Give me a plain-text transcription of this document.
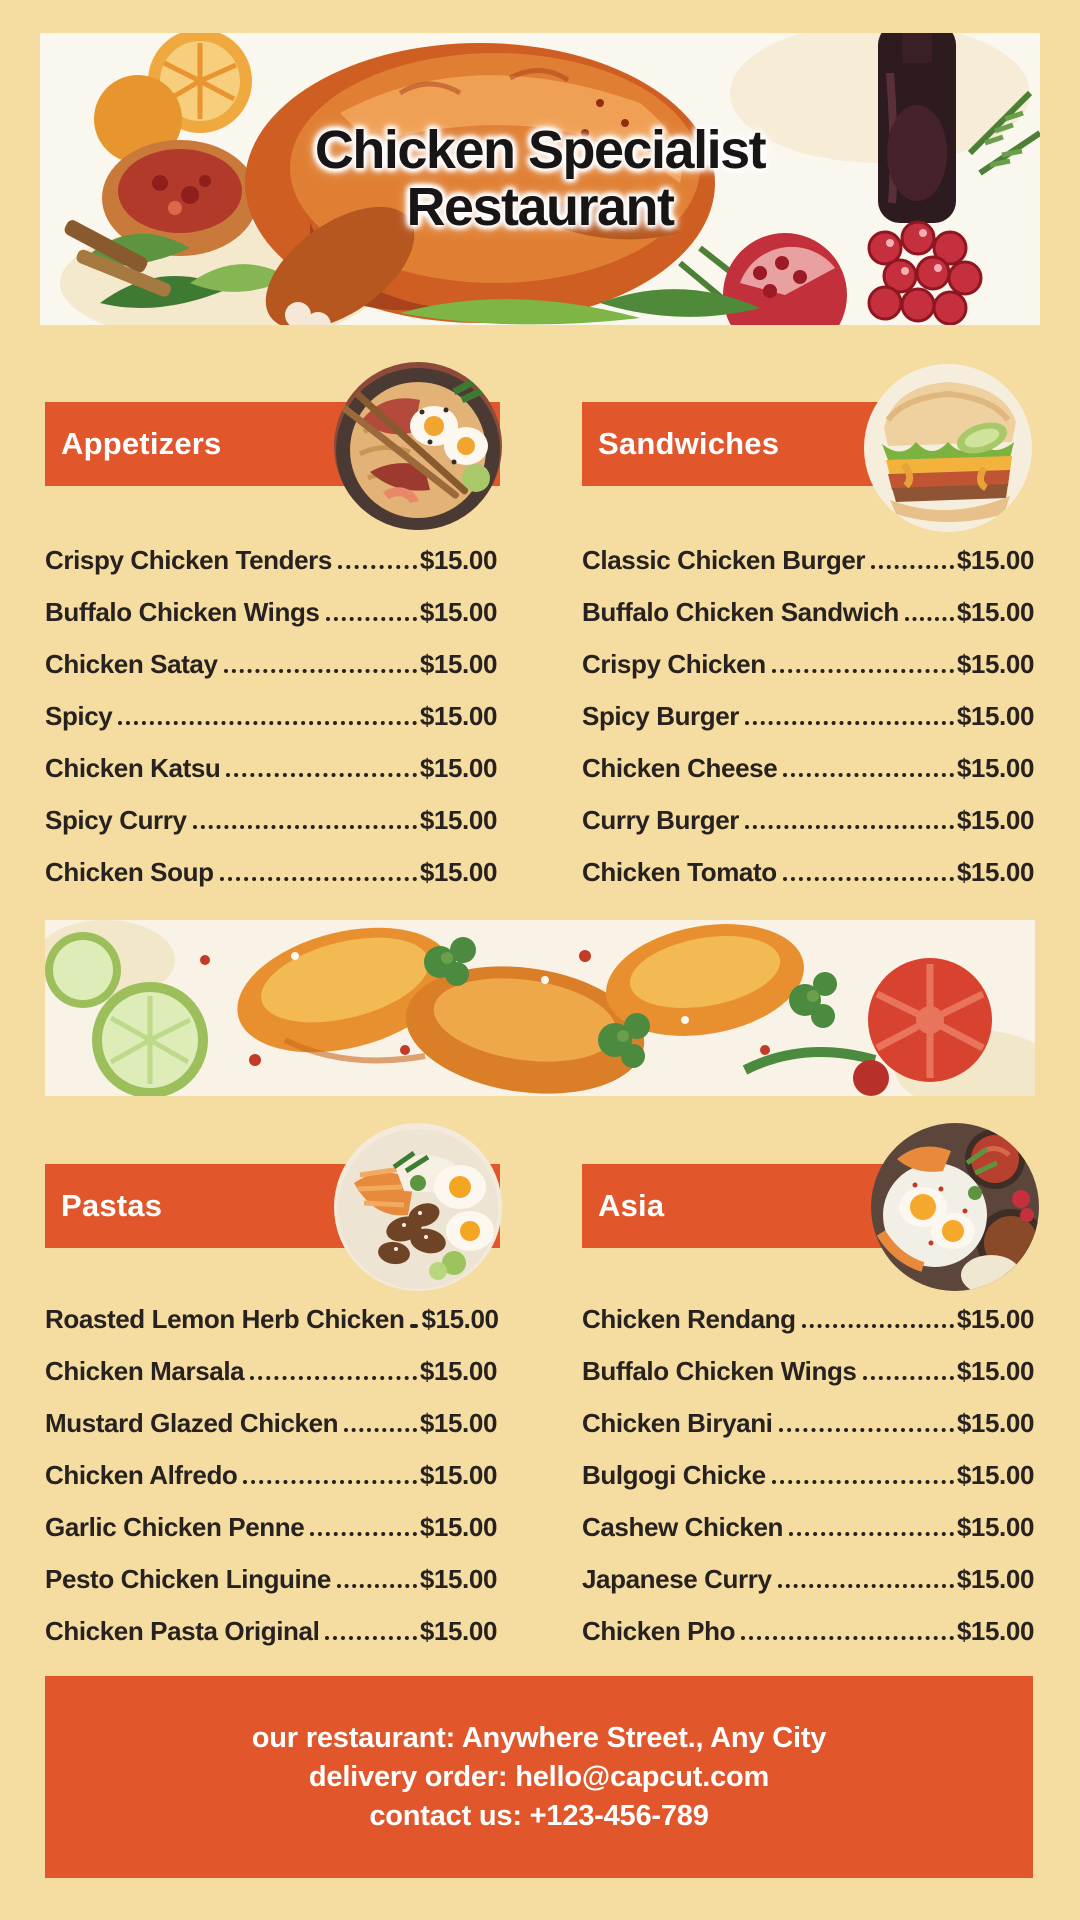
Chicken Specialist
Restaurant
Appetizers	Sandwiches
Pastas	Asia
Crispy Chicken Tenders	$15.00
Buffalo Chicken Wings	$15.00
Chicken Satay	$15.00
Spicy	$15.00
Chicken Katsu	$15.00
Spicy Curry	$15.00
Chicken Soup	$15.00
Classic Chicken Burger	$15.00
Buffalo Chicken Sandwich $15.00
Crispy Chicken	$15.00
Spicy Burger	$15.00
Chicken Cheese	$15.00
Curry Burger	$15.00
Chicken Tomato	$15.00
Roasted Lemon Herb Chicken $15.00
Chicken Marsala	$15.00
Mustard Glazed Chicken	$15.00
Chicken Alfredo	$15.00
Garlic Chicken Penne	$15.00
Pesto Chicken Linguine	$15.00
Chicken Pasta Original	$15.00
Chicken Rendang	$15.00
Buffalo Chicken Wings	$15.00
Chicken Biryani	$15.00
Bulgogi Chicke	$15.00
Cashew Chicken	$15.00
Japanese Curry	$15.00
Chicken Pho	$15.00
our restaurant: Anywhere Street., Any City
delivery order: hello@capcut.com
contact us: +123-456-789
